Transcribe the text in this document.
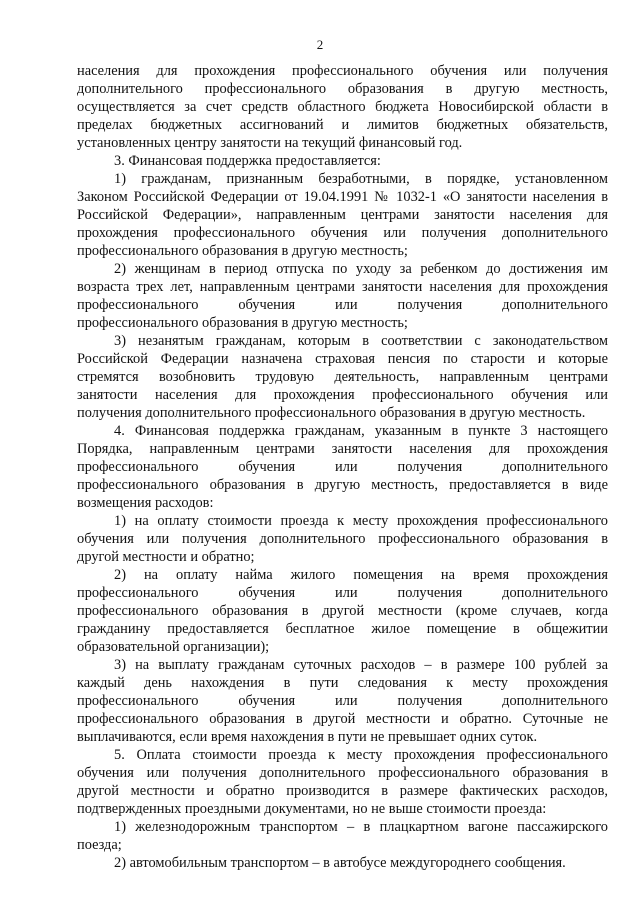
2
населения для прохождения профессионального обучения или получения
дополнительного профессионального образования в другую местность,
осуществляется за счет средств областного бюджета Новосибирской области в
пределах бюджетных ассигнований и лимитов бюджетных обязательств,
установленных центру занятости на текущий финансовый год.
3. Финансовая поддержка предоставляется:
1) гражданам, признанным безработными, в порядке, установленном
Законом Российской Федерации от 19.04.1991 № 1032-1 «О занятости населения в
Российской Федерации», направленным центрами занятости населения для
прохождения профессионального обучения или получения дополнительного
профессионального образования в другую местность;
2) женщинам в период отпуска по уходу за ребенком до достижения им
возраста трех лет, направленным центрами занятости населения для прохождения
профессионального обучения или получения дополнительного
профессионального образования в другую местность;
3) незанятым гражданам, которым в соответствии с законодательством
Российской Федерации назначена страховая пенсия по старости и которые
стремятся возобновить трудовую деятельность, направленным центрами
занятости населения для прохождения профессионального обучения или
получения дополнительного профессионального образования в другую местность.
4. Финансовая поддержка гражданам, указанным в пункте 3 настоящего
Порядка, направленным центрами занятости населения для прохождения
профессионального обучения или получения дополнительного
профессионального образования в другую местность, предоставляется в виде
возмещения расходов:
1) на оплату стоимости проезда к месту прохождения профессионального
обучения или получения дополнительного профессионального образования в
другой местности и обратно;
2) на оплату найма жилого помещения на время прохождения
профессионального обучения или получения дополнительного
профессионального образования в другой местности (кроме случаев, когда
гражданину предоставляется бесплатное жилое помещение в общежитии
образовательной организации);
3) на выплату гражданам суточных расходов – в размере 100 рублей за
каждый день нахождения в пути следования к месту прохождения
профессионального обучения или получения дополнительного
профессионального образования в другой местности и обратно. Суточные не
выплачиваются, если время нахождения в пути не превышает одних суток.
5. Оплата стоимости проезда к месту прохождения профессионального
обучения или получения дополнительного профессионального образования в
другой местности и обратно производится в размере фактических расходов,
подтвержденных проездными документами, но не выше стоимости проезда:
1) железнодорожным транспортом – в плацкартном вагоне пассажирского
поезда;
2) автомобильным транспортом – в автобусе междугороднего сообщения.
